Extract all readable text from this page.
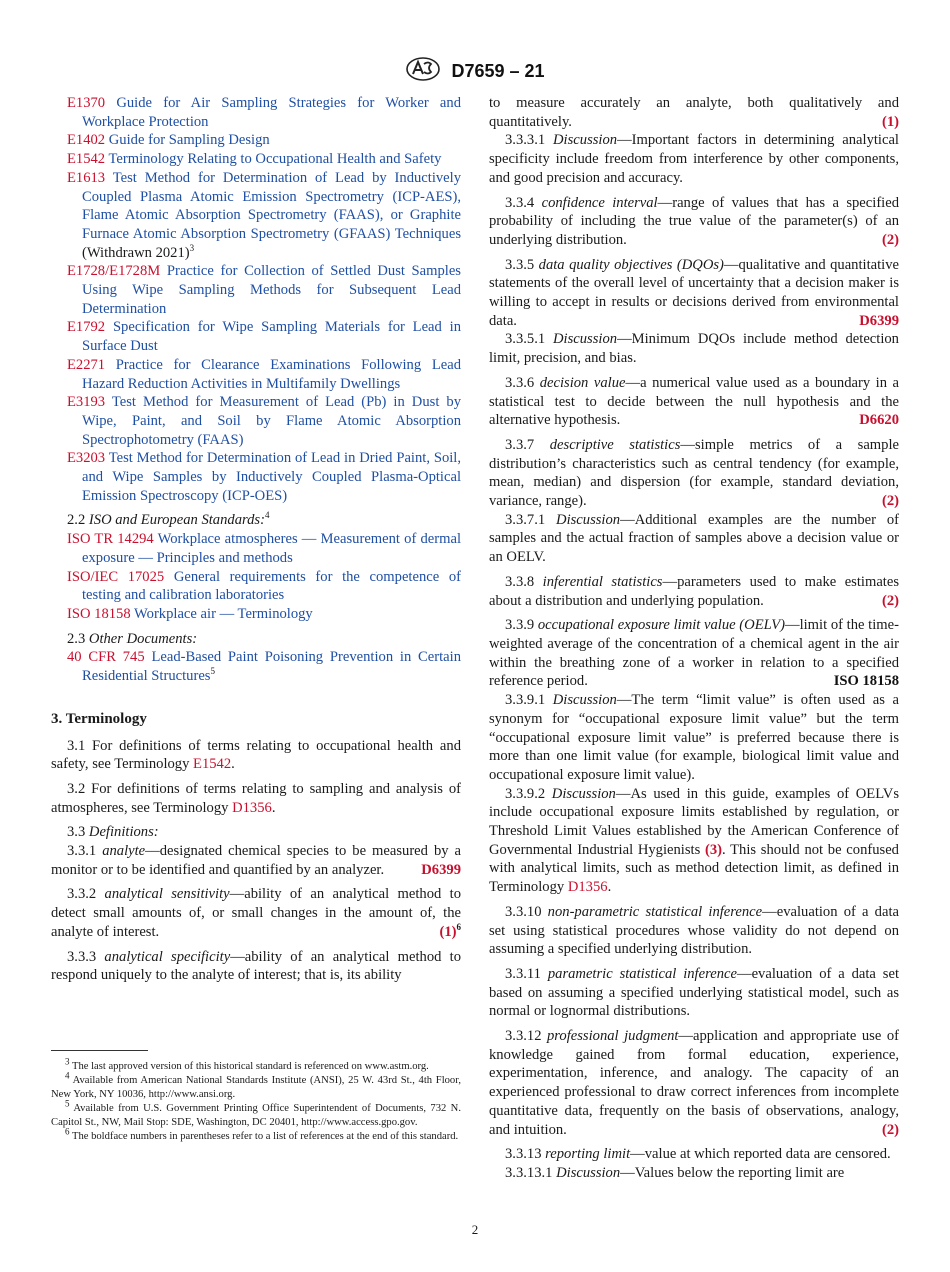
D7659 – 21

E1370 Guide for Air Sampling Strategies for Worker and Workplace Protection

E1402 Guide for Sampling Design

E1542 Terminology Relating to Occupational Health and Safety

E1613 Test Method for Determination of Lead by Inductively Coupled Plasma Atomic Emission Spectrometry (ICP-AES), Flame Atomic Absorption Spectrometry (FAAS), or Graphite Furnace Atomic Absorption Spectrometry (GFAAS) Techniques (Withdrawn 2021)$^3$

E1728/E1728M Practice for Collection of Settled Dust Samples Using Wipe Sampling Methods for Subsequent Lead Determination

E1792 Specification for Wipe Sampling Materials for Lead in Surface Dust

E2271 Practice for Clearance Examinations Following Lead Hazard Reduction Activities in Multifamily Dwellings

E3193 Test Method for Measurement of Lead (Pb) in Dust by Wipe, Paint, and Soil by Flame Atomic Absorption Spectrophotometry (FAAS)

E3203 Test Method for Determination of Lead in Dried Paint, Soil, and Wipe Samples by Inductively Coupled Plasma-Optical Emission Spectroscopy (ICP-OES)

2.2 ISO and European Standards:$^4$

ISO TR 14294 Workplace atmospheres — Measurement of dermal exposure — Principles and methods

ISO/IEC 17025 General requirements for the competence of testing and calibration laboratories

ISO 18158 Workplace air — Terminology

2.3 Other Documents:

40 CFR 745 Lead-Based Paint Poisoning Prevention in Certain Residential Structures$^5$

3. Terminology

3.1 For definitions of terms relating to occupational health and safety, see Terminology E1542.

3.2 For definitions of terms relating to sampling and analysis of atmospheres, see Terminology D1356.

3.3 Definitions:

3.3.1 analyte—designated chemical species to be measured by a monitor or to be identified and quantified by an analyzer.	D6399

3.3.2 analytical sensitivity—ability of an analytical method to detect small amounts of, or small changes in the amount of, the analyte of interest.	$(1)^6$

3.3.3 analytical specificity—ability of an analytical method to respond uniquely to the analyte of interest; that is, its ability

$^3$ The last approved version of this historical standard is referenced on www.astm.org.

$^4$ Available from American National Standards Institute (ANSI), 25 W. 43rd St., 4th Floor, New York, NY 10036, http://www.ansi.org.

$^5$ Available from U.S. Government Printing Office Superintendent of Documents, 732 N. Capitol St., NW, Mail Stop: SDE, Washington, DC 20401, http://www.access.gpo.gov.

$^6$ The boldface numbers in parentheses refer to a list of references at the end of this standard.

to measure accurately an analyte, both qualitatively and quantitatively.	(1)

3.3.3.1 Discussion—Important factors in determining analytical specificity include freedom from interference by other components, and good precision and accuracy.

3.3.4 confidence interval—range of values that has a specified probability of including the true value of the parameter(s) of an underlying distribution.	(2)

3.3.5 data quality objectives (DQOs)—qualitative and quantitative statements of the overall level of uncertainty that a decision maker is willing to accept in results or decisions derived from environmental data.	D6399

3.3.5.1 Discussion—Minimum DQOs include method detection limit, precision, and bias.

3.3.6 decision value—a numerical value used as a boundary in a statistical test to decide between the null hypothesis and the alternative hypothesis.	D6620

3.3.7 descriptive statistics—simple metrics of a sample distribution’s characteristics such as central tendency (for example, mean, median) and dispersion (for example, standard deviation, variance, range).	(2)

3.3.7.1 Discussion—Additional examples are the number of samples and the actual fraction of samples above a decision value or an OELV.

3.3.8 inferential statistics—parameters used to make estimates about a distribution and underlying population.	(2)

3.3.9 occupational exposure limit value (OELV)—limit of the time-weighted average of the concentration of a chemical agent in the air within the breathing zone of a worker in relation to a specified reference period.	ISO 18158

3.3.9.1 Discussion—The term “limit value” is often used as a synonym for “occupational exposure limit value” but the term “occupational exposure limit value” is preferred because there is more than one limit value (for example, biological limit value and occupational exposure limit value).

3.3.9.2 Discussion—As used in this guide, examples of OELVs include occupational exposure limits established by regulation, or Threshold Limit Values established by the American Conference of Governmental Industrial Hygienists (3). This should not be confused with analytical limits, such as method detection limit, as defined in Terminology D1356.

3.3.10 non-parametric statistical inference—evaluation of a data set using statistical procedures whose validity do not depend on assuming a specified underlying distribution.

3.3.11 parametric statistical inference—evaluation of a data set based on assuming a specified underlying statistical model, such as normal or lognormal distributions.

3.3.12 professional judgment—application and appropriate use of knowledge gained from formal education, experience, experimentation, inference, and analogy. The capacity of an experienced professional to draw correct inferences from incomplete quantitative data, frequently on the basis of observations, analogy, and intuition.	(2)

3.3.13 reporting limit—value at which reported data are censored.

3.3.13.1 Discussion—Values below the reporting limit are

2
